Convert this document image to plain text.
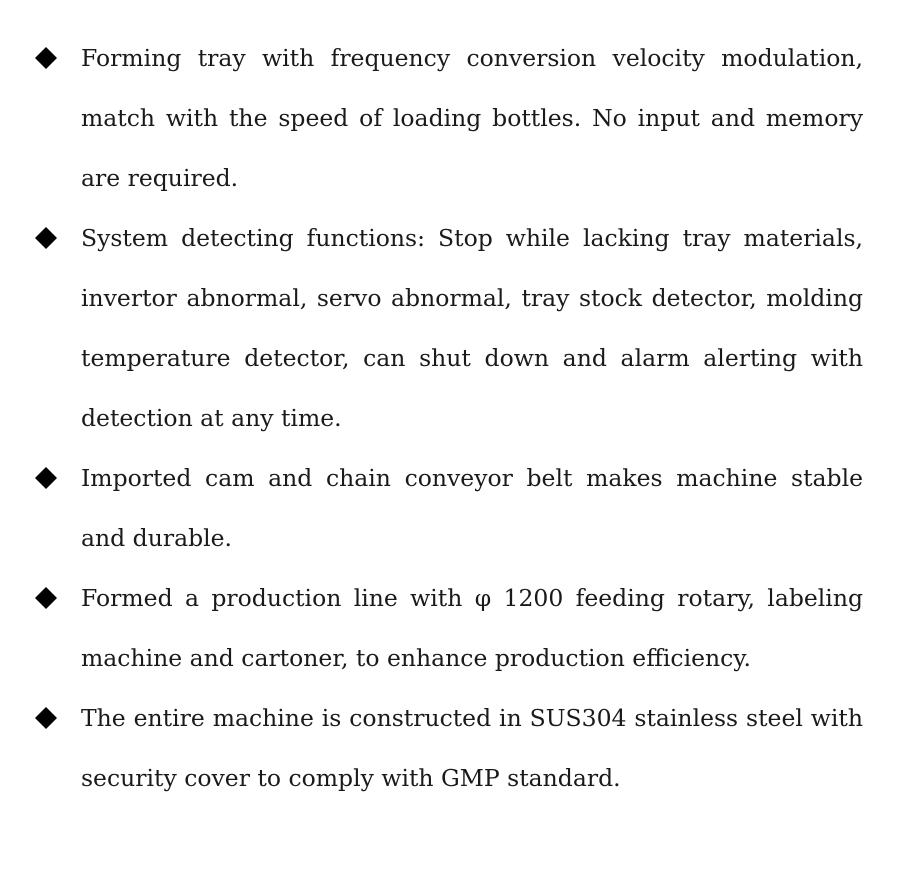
Forming tray with frequency conversion velocity modulation, match with the speed of loading bottles. No input and memory are required.
System detecting functions: Stop while lacking tray materials, invertor abnormal, servo abnormal, tray stock detector, molding temperature detector, can shut down and alarm alerting with detection at any time.
Imported cam and chain conveyor belt makes machine stable and durable.
Formed a production line with φ 1200 feeding rotary, labeling machine and cartoner, to enhance production efficiency.
The entire machine is constructed in SUS304 stainless steel with security cover to comply with GMP standard.
